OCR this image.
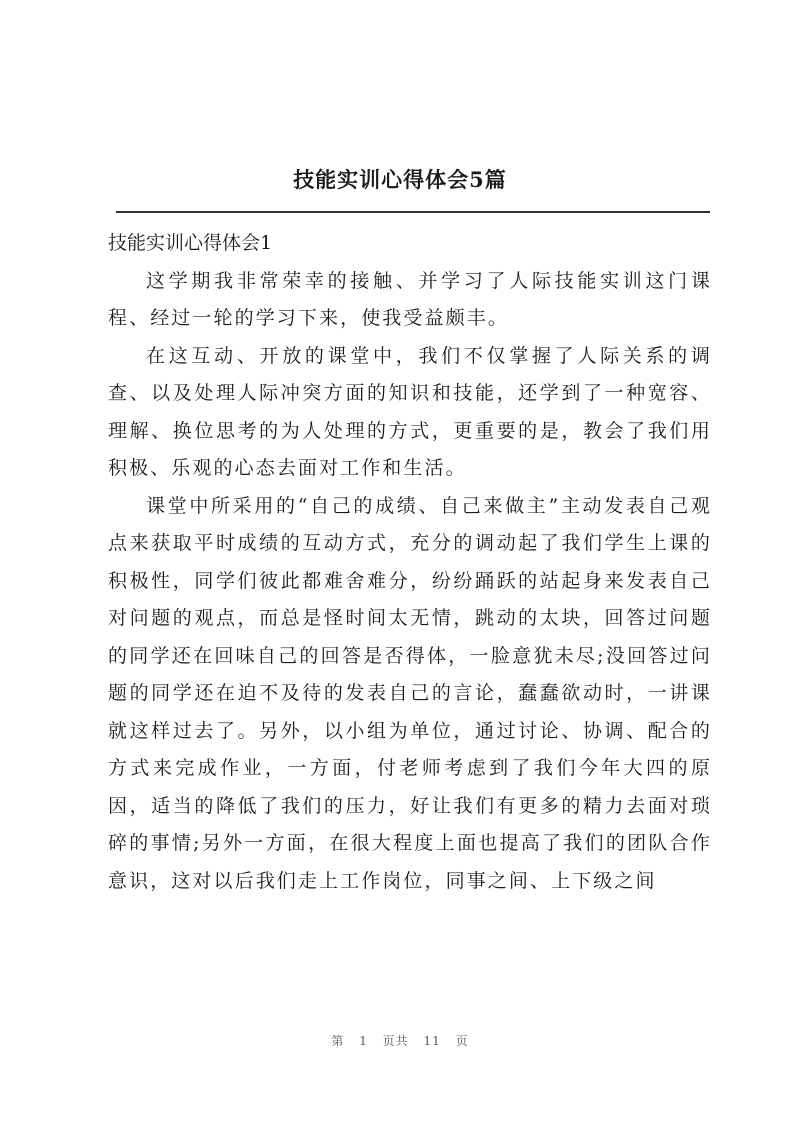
技能实训心得体会5篇

技能实训心得体会1

这学期我非常荣幸的接触、并学习了人际技能实训这门课程、经过一轮的学习下来，使我受益颇丰。

在这互动、开放的课堂中，我们不仅掌握了人际关系的调查、以及处理人际冲突方面的知识和技能，还学到了一种宽容、理解、换位思考的为人处理的方式，更重要的是，教会了我们用积极、乐观的心态去面对工作和生活。

课堂中所采用的“自己的成绩、自己来做主”主动发表自己观点来获取平时成绩的互动方式，充分的调动起了我们学生上课的积极性，同学们彼此都难舍难分，纷纷踊跃的站起身来发表自己对问题的观点，而总是怪时间太无情，跳动的太块，回答过问题的同学还在回味自己的回答是否得体，一脸意犹未尽;没回答过问题的同学还在迫不及待的发表自己的言论，蠢蠢欲动时，一讲课就这样过去了。另外，以小组为单位，通过讨论、协调、配合的方式来完成作业，一方面，付老师考虑到了我们今年大四的原因，适当的降低了我们的压力，好让我们有更多的精力去面对琐碎的事情;另外一方面，在很大程度上面也提高了我们的团队合作意识，这对以后我们走上工作岗位，同事之间、上下级之间

第 1 页共 11 页
